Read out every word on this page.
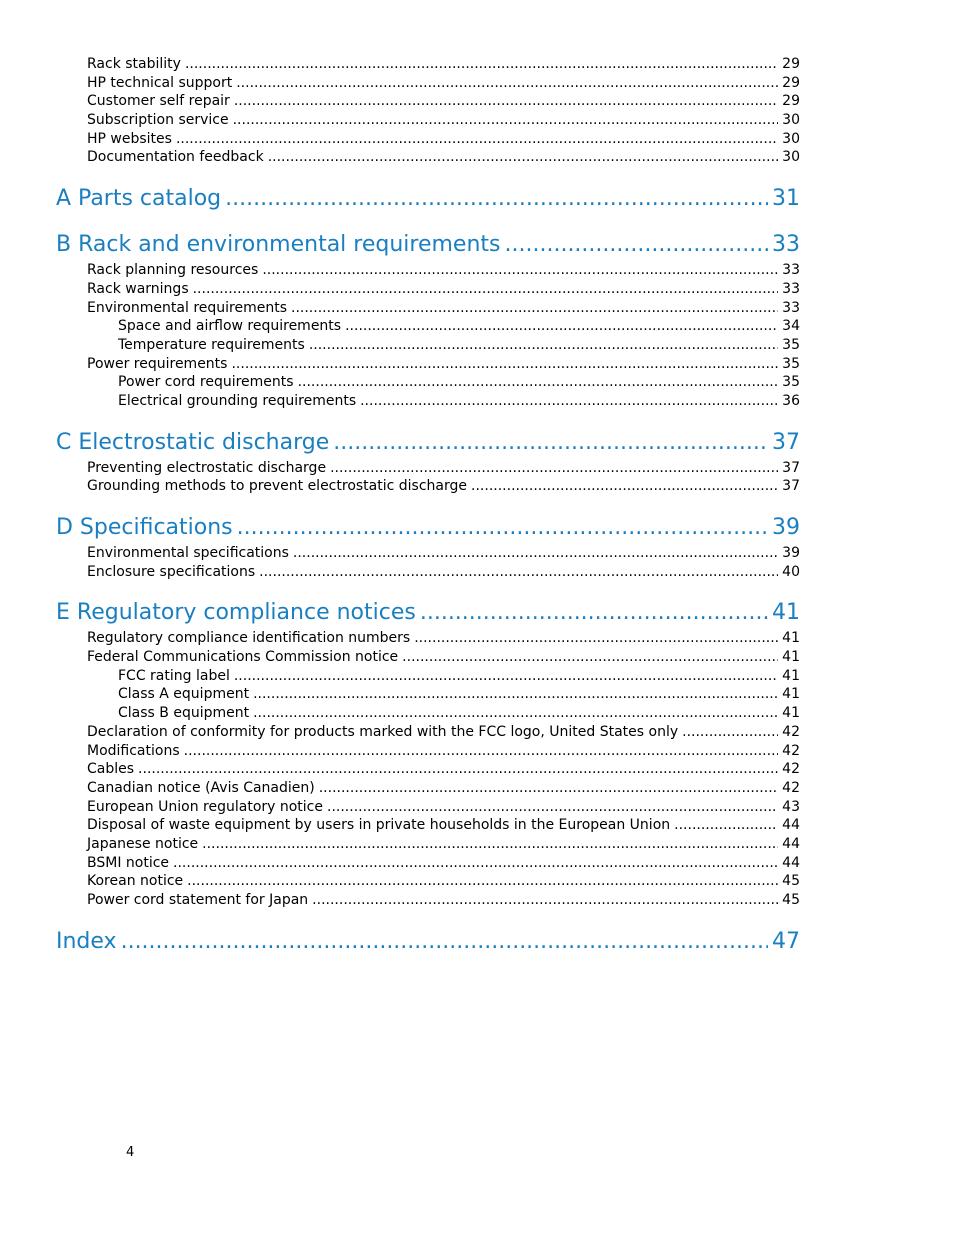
Rack stability .....	29
HP technical support .....	29
Customer self repair .....	29
Subscription service .....	30
HP websites .....	30
Documentation feedback .....	30
A Parts catalog .....	31
B Rack and environmental requirements .....	33
Rack planning resources .....	33
Rack warnings .....	33
Environmental requirements .....	33
Space and airflow requirements .....	34
Temperature requirements .....	35
Power requirements .....	35
Power cord requirements .....	35
Electrical grounding requirements .....	36
C Electrostatic discharge .....	37
Preventing electrostatic discharge .....	37
Grounding methods to prevent electrostatic discharge .....	37
D Specifications .....	39
Environmental specifications .....	39
Enclosure specifications .....	40
E Regulatory compliance notices .....	41
Regulatory compliance identification numbers .....	41
Federal Communications Commission notice .....	41
FCC rating label .....	41
Class A equipment .....	41
Class B equipment .....	41
Declaration of conformity for products marked with the FCC logo, United States only .....	42
Modifications .....	42
Cables .....	42
Canadian notice (Avis Canadien) .....	42
European Union regulatory notice .....	43
Disposal of waste equipment by users in private households in the European Union .....	44
Japanese notice .....	44
BSMI notice .....	44
Korean notice .....	45
Power cord statement for Japan .....	45
Index .....	47
4
